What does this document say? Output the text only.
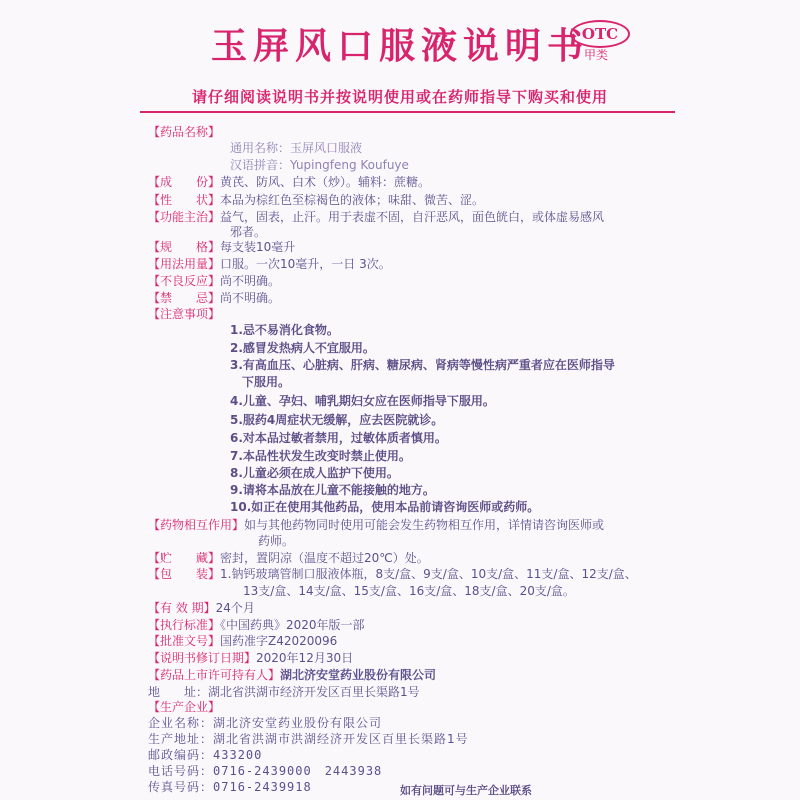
玉屏风口服液说明书
OTC
甲类
请仔细阅读说明书并按说明使用或在药师指导下购买和使用
【药品名称】
通用名称：玉屏风口服液
汉语拼音：Yupingfeng Koufuye
【成　　份】黄芪、防风、白术（炒）。辅料：蔗糖。
【性　　状】本品为棕红色至棕褐色的液体；味甜、微苦、涩。
【功能主治】益气，固表，止汗。用于表虚不固，自汗恶风，面色㿠白，或体虚易感风
邪者。
【规　　格】每支装10毫升
【用法用量】口服。一次10毫升，一日 3次。
【不良反应】尚不明确。
【禁　　忌】尚不明确。
【注意事项】
1.忌不易消化食物。
2.感冒发热病人不宜服用。
3.有高血压、心脏病、肝病、糖尿病、肾病等慢性病严重者应在医师指导
下服用。
4.儿童、孕妇、哺乳期妇女应在医师指导下服用。
5.服药4周症状无缓解，应去医院就诊。
6.对本品过敏者禁用，过敏体质者慎用。
7.本品性状发生改变时禁止使用。
8.儿童必须在成人监护下使用。
9.请将本品放在儿童不能接触的地方。
10.如正在使用其他药品，使用本品前请咨询医师或药师。
【药物相互作用】如与其他药物同时使用可能会发生药物相互作用，详情请咨询医师或
药师。
【贮　　藏】密封，置阴凉（温度不超过20℃）处。
【包　　装】1.钠钙玻璃管制口服液体瓶，8支/盒、9支/盒、10支/盒、11支/盒、12支/盒、
13支/盒、14支/盒、15支/盒、16支/盒、18支/盒、20支/盒。
【有 效 期】24个月
【执行标准】《中国药典》2020年版一部
【批准文号】国药准字Z42020096
【说明书修订日期】2020年12月30日
【药品上市许可持有人】湖北济安堂药业股份有限公司
地　　址：湖北省洪湖市经济开发区百里长渠路1号
【生产企业】
企业名称：湖北济安堂药业股份有限公司
生产地址：湖北省洪湖市洪湖经济开发区百里长渠路1号
邮政编码：433200
电话号码：0716-2439000　2443938
传真号码：0716-2439918	如有问题可与生产企业联系
